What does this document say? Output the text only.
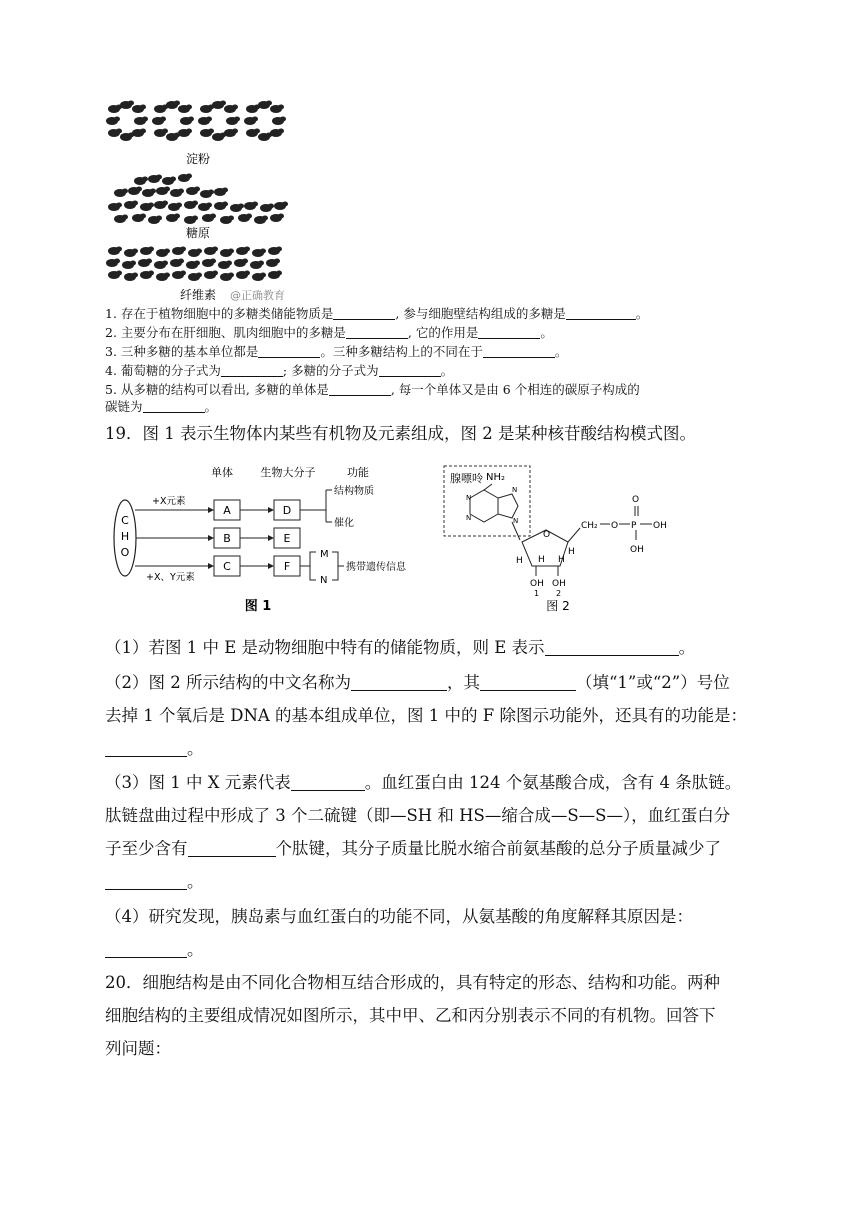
淀粉
糖原
纤维素 @正确教育
1. 存在于植物细胞中的多糖类储能物质是	, 参与细胞壁结构组成的多糖是	。
2. 主要分布在肝细胞、肌肉细胞中的多糖是	, 它的作用是	。
3. 三种多糖的基本单位都是	。三种多糖结构上的不同在于	。
4. 葡萄糖的分子式为	; 多糖的分子式为	。
5. 从多糖的结构可以看出, 多糖的单体是	, 每一个单体又是由 6 个相连的碳原子构成的
碳链为	。
19．图 1 表示生物体内某些有机物及元素组成，图 2 是某种核苷酸结构模式图。
单体	生物大分子	功能
C
H
O
+X元素
+X、Y元素
A
B
C
D
E
F
结构物质
催化
M
N
携带遗传信息
图 1
腺嘌呤 NH₂
N
N
N
N
O
H H
H
H
OH OH
1 2
CH₂ O P
O
OH
OH
图 2
（1）若图 1 中 E 是动物细胞中特有的储能物质，则 E 表示	。
（2）图 2 所示结构的中文名称为	，其	（填“1”或“2”）号位
去掉 1 个氧后是 DNA 的基本组成单位，图 1 中的 F 除图示功能外，还具有的功能是：
。
（3）图 1 中 X 元素代表	。血红蛋白由 124 个氨基酸合成，含有 4 条肽链。
肽链盘曲过程中形成了 3 个二硫键（即—SH 和 HS—缩合成—S—S—），血红蛋白分
子至少含有	个肽键，其分子质量比脱水缩合前氨基酸的总分子质量减少了
。
（4）研究发现，胰岛素与血红蛋白的功能不同，从氨基酸的角度解释其原因是：
。
20．细胞结构是由不同化合物相互结合形成的，具有特定的形态、结构和功能。两种
细胞结构的主要组成情况如图所示，其中甲、乙和丙分别表示不同的有机物。回答下
列问题：
